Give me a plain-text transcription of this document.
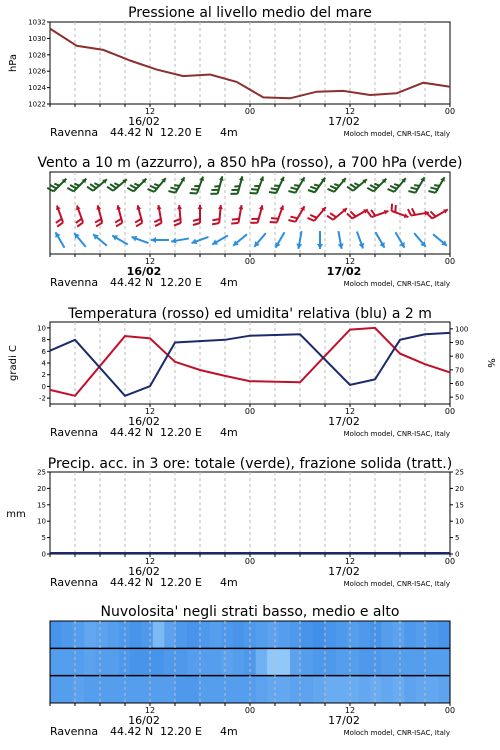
Pressione al livello medio del mare
12	00	12	00
16/02	17/02
Ravenna 44.42 N 12.20 E 4m	Moloch model, CNR-ISAC, Italy
1022
1024
1026
1028
1030
1032
hPa
Vento a 10 m (azzurro), a 850 hPa (rosso), a 700 hPa (verde)
12	00	12	00
16/02	17/02
Ravenna 44.42 N 12.20 E 4m	Moloch model, CNR-ISAC, Italy
Temperatura (rosso) ed umidita' relativa (blu) a 2 m
12	00	12	00
16/02	17/02
Ravenna 44.42 N 12.20 E 4m	Moloch model, CNR-ISAC, Italy
-2
0
2
4
6
8
10
50
60
70
80
90
100
gradi C	%
Precip. acc. in 3 ore: totale (verde), frazione solida (tratt.)
12	00	12	00
16/02	17/02
Ravenna 44.42 N 12.20 E 4m	Moloch model, CNR-ISAC, Italy
0
5
10
15
20
25
0
5
10
15
20
25
mm
Nuvolosita' negli strati basso, medio e alto
12	00	12	00
16/02	17/02
Ravenna 44.42 N 12.20 E 4m	Moloch model, CNR-ISAC, Italy
